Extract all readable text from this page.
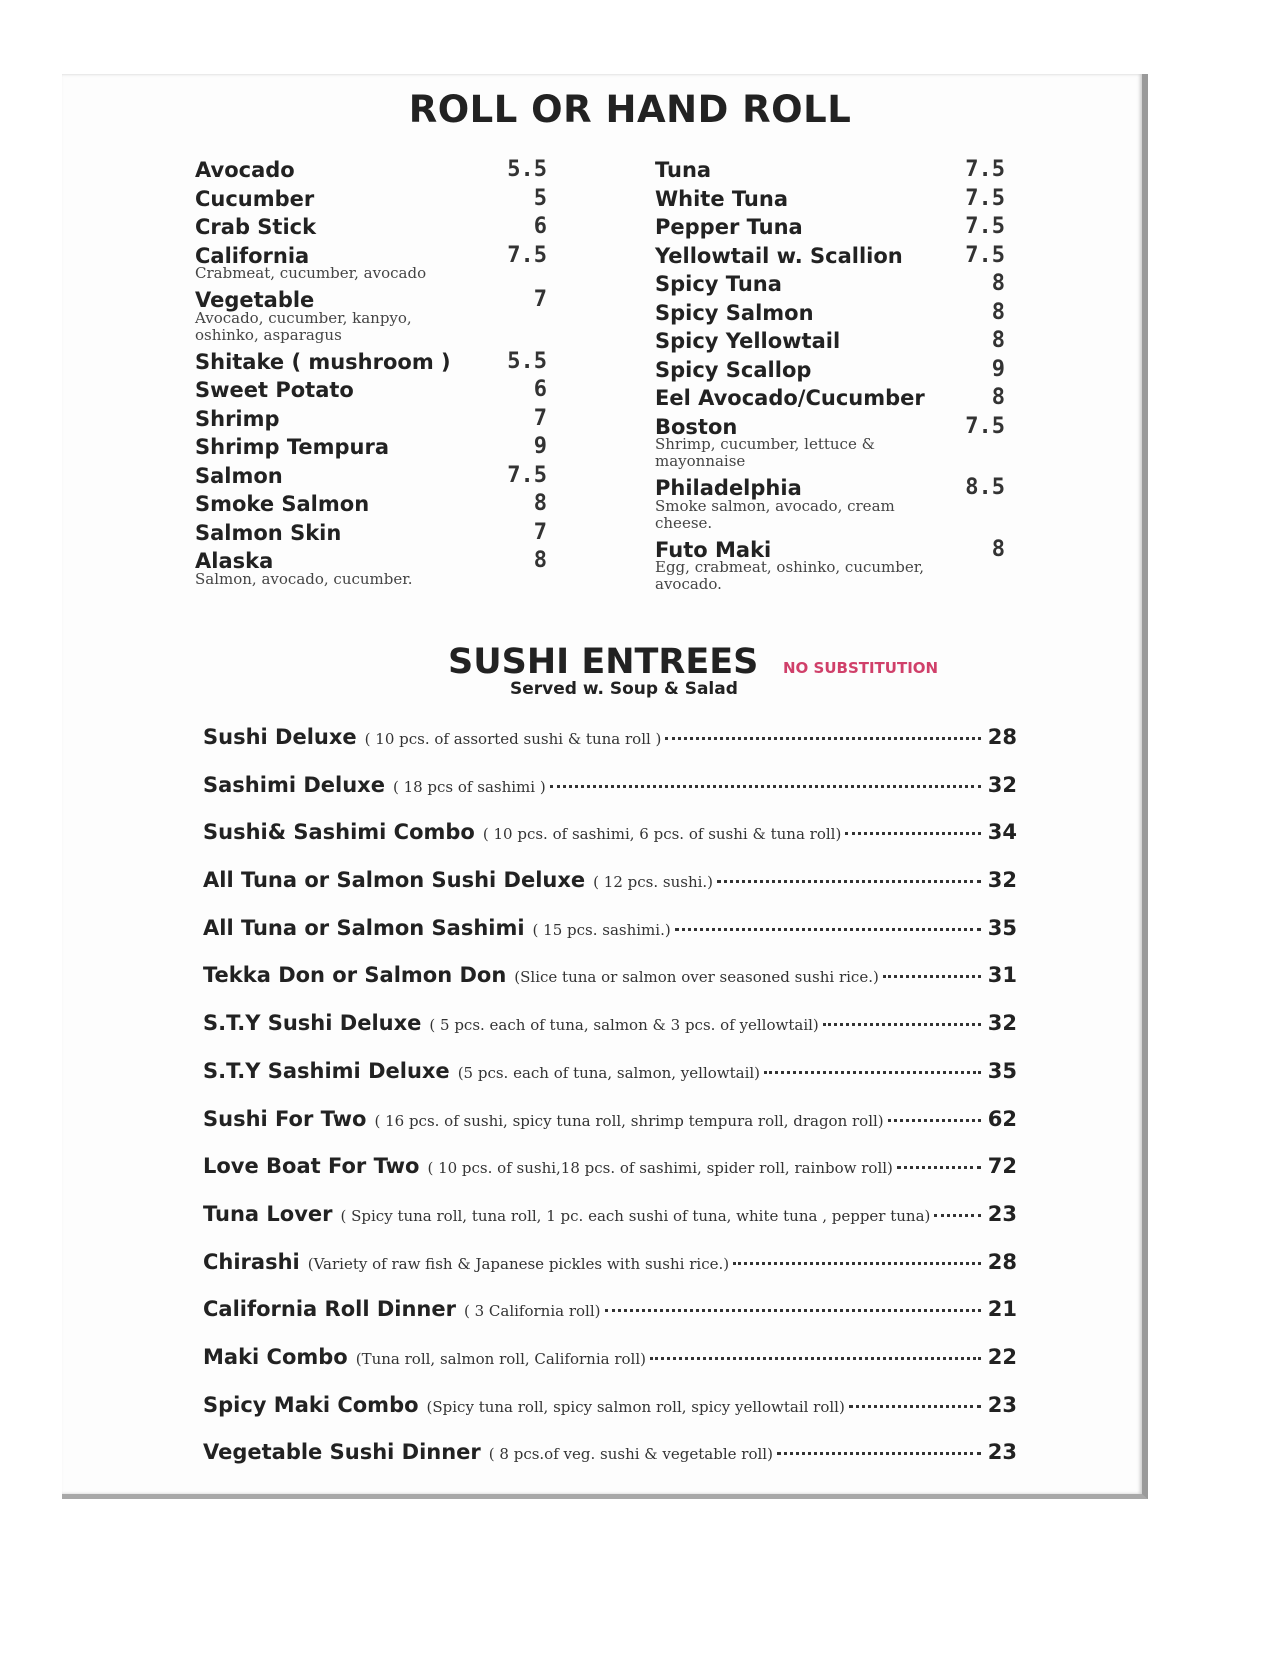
ROLL OR HAND ROLL
Avocado	5.5
Cucumber	5
Crab Stick	6
California	7.5
Crabmeat, cucumber, avocado
Vegetable	7
Avocado, cucumber, kanpyo, oshinko, asparagus
Shitake ( mushroom )	5.5
Sweet Potato	6
Shrimp	7
Shrimp Tempura	9
Salmon	7.5
Smoke Salmon	8
Salmon Skin	7
Alaska	8
Salmon, avocado, cucumber.
Tuna	7.5
White Tuna	7.5
Pepper Tuna	7.5
Yellowtail w. Scallion	7.5
Spicy Tuna	8
Spicy Salmon	8
Spicy Yellowtail	8
Spicy Scallop	9
Eel Avocado/Cucumber	8
Boston	7.5
Shrimp, cucumber, lettuce & mayonnaise
Philadelphia	8.5
Smoke salmon, avocado, cream cheese.
Futo Maki	8
Egg, crabmeat, oshinko, cucumber, avocado.
SUSHI ENTREES NO SUBSTITUTION
Served w. Soup & Salad
Sushi Deluxe ( 10 pcs. of assorted sushi & tuna roll )	28
Sashimi Deluxe ( 18 pcs of sashimi )	32
Sushi& Sashimi Combo ( 10 pcs. of sashimi, 6 pcs. of sushi & tuna roll)	34
All Tuna or Salmon Sushi Deluxe ( 12 pcs. sushi.)	32
All Tuna or Salmon Sashimi ( 15 pcs. sashimi.)	35
Tekka Don or Salmon Don (Slice tuna or salmon over seasoned sushi rice.)	31
S.T.Y Sushi Deluxe ( 5 pcs. each of tuna, salmon & 3 pcs. of yellowtail)	32
S.T.Y Sashimi Deluxe (5 pcs. each of tuna, salmon, yellowtail)	35
Sushi For Two ( 16 pcs. of sushi, spicy tuna roll, shrimp tempura roll, dragon roll)	62
Love Boat For Two ( 10 pcs. of sushi,18 pcs. of sashimi, spider roll, rainbow roll)	72
Tuna Lover ( Spicy tuna roll, tuna roll, 1 pc. each sushi of tuna, white tuna , pepper tuna)	23
Chirashi (Variety of raw fish & Japanese pickles with sushi rice.)	28
California Roll Dinner ( 3 California roll)	21
Maki Combo (Tuna roll, salmon roll, California roll)	22
Spicy Maki Combo (Spicy tuna roll, spicy salmon roll, spicy yellowtail roll)	23
Vegetable Sushi Dinner ( 8 pcs.of veg. sushi & vegetable roll)	23
